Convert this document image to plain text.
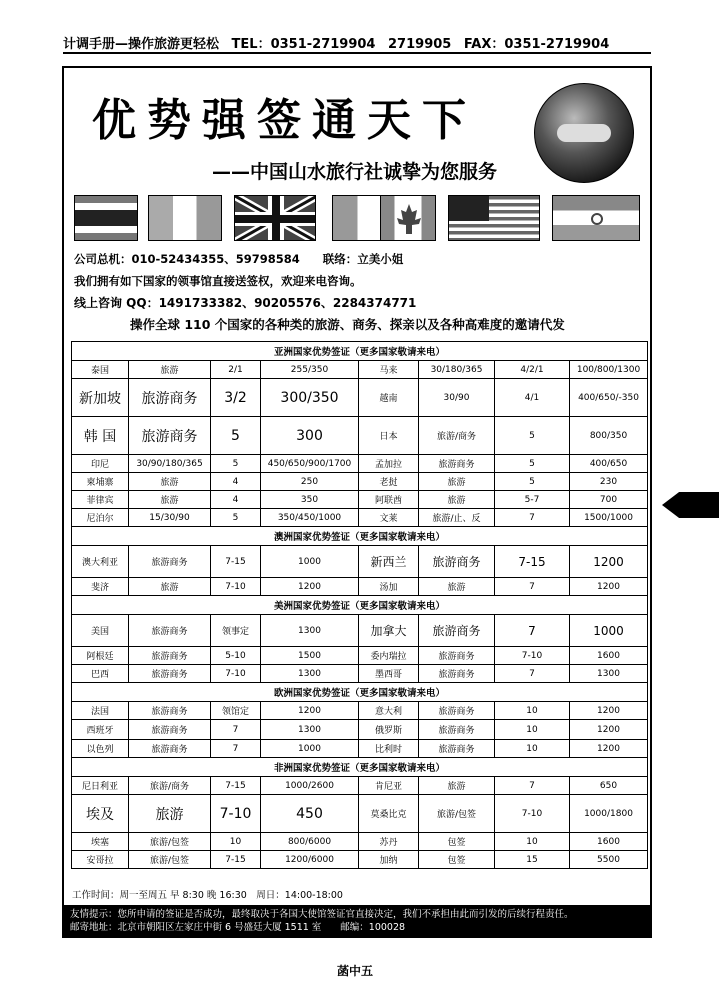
计调手册—操作旅游更轻松 TEL：0351-2719904 2719905 FAX：0351-2719904
优势强签通天下
——中国山水旅行社诚挚为您服务
公司总机：010-52434355、59798584　　联络：立美小姐
我们拥有如下国家的领事馆直接送签权，欢迎来电咨询。
线上咨询 QQ：1491733382、90205576、2284374771
操作全球 110 个国家的各种类的旅游、商务、探亲以及各种高难度的邀请代发
亚洲国家优势签证（更多国家敬请来电）							
泰国	旅游	2/1	255/350	马来	30/180/365	4/2/1	100/800/1300
新加坡	旅游商务	3/2	300/350	越南	30/90	4/1	400/650/-350
韩 国	旅游商务	5	300	日本	旅游/商务	5	800/350
印尼	30/90/180/365	5	450/650/900/1700	孟加拉	旅游商务	5	400/650
柬埔寨	旅游	4	250	老挝	旅游	5	230
菲律宾	旅游	4	350	阿联酋	旅游	5-7	700
尼泊尔	15/30/90	5	350/450/1000	文莱	旅游/止、反	7	1500/1000
澳洲国家优势签证（更多国家敬请来电）							
澳大利亚	旅游商务	7-15	1000	新西兰	旅游商务	7-15	1200
斐济	旅游	7-10	1200	汤加	旅游	7	1200
美洲国家优势签证（更多国家敬请来电）							
美国	旅游商务	领事定	1300	加拿大	旅游商务	7	1000
阿根廷	旅游商务	5-10	1500	委内瑞拉	旅游商务	7-10	1600
巴西	旅游商务	7-10	1300	墨西哥	旅游商务	7	1300
欧洲国家优势签证（更多国家敬请来电）							
法国	旅游商务	领馆定	1200	意大利	旅游商务	10	1200
西班牙	旅游商务	7	1300	俄罗斯	旅游商务	10	1200
以色列	旅游商务	7	1000	比利时	旅游商务	10	1200
非洲国家优势签证（更多国家敬请来电）							
尼日利亚	旅游/商务	7-15	1000/2600	肯尼亚	旅游	7	650
埃及	旅游	7-10	450	莫桑比克	旅游/包签	7-10	1000/1800
埃塞	旅游/包签	10	800/6000	苏丹	包签	10	1600
安哥拉	旅游/包签	7-15	1200/6000	加纳	包签	15	5500
工作时间：周一至周五 早 8:30 晚 16:30　周日：14:00-18:00
友情提示：您所申请的签证是否成功，最终取决于各国大使馆签证官直接决定，我们不承担由此而引发的后续行程责任。
邮寄地址：北京市朝阳区左家庄中街 6 号盛廷大厦 1511 室　　邮编：100028
菡中五
